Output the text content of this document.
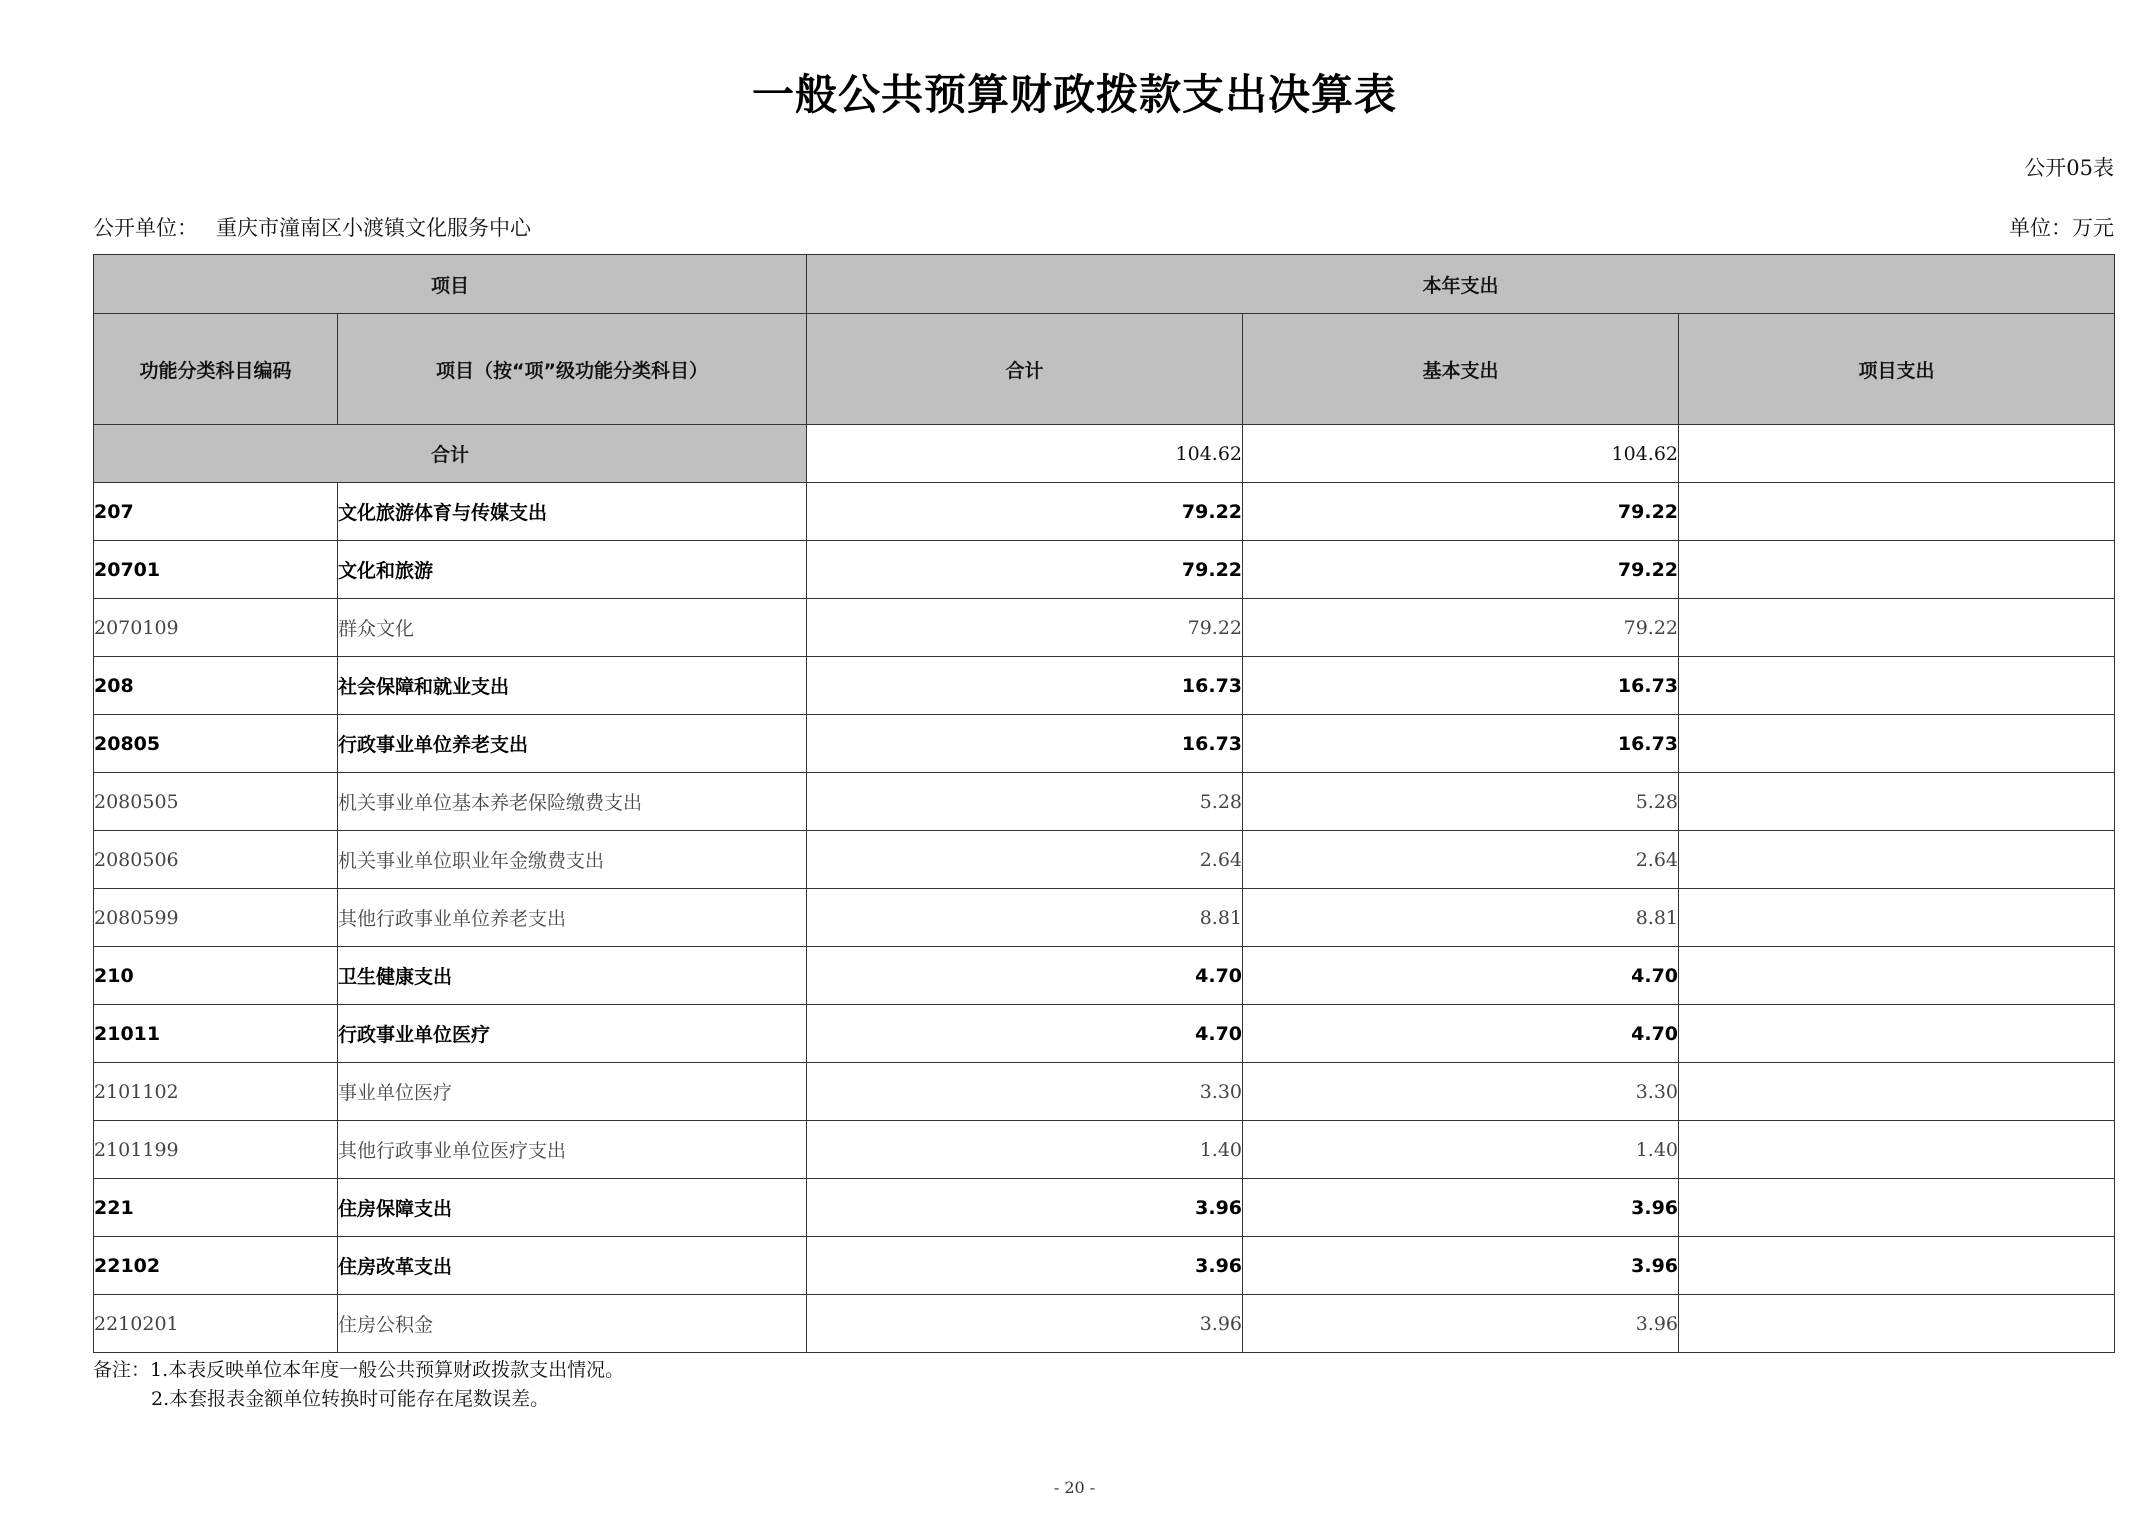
一般公共预算财政拨款支出决算表
公开05表
公开单位： 重庆市潼南区小渡镇文化服务中心	单位：万元
项目		本年支出		
功能分类科目编码	项目（按“项”级功能分类科目）	合计	基本支出	项目支出
合计		104.62	104.62	
207	文化旅游体育与传媒支出	79.22	79.22	
20701	文化和旅游	79.22	79.22	
2070109	群众文化	79.22	79.22	
208	社会保障和就业支出	16.73	16.73	
20805	行政事业单位养老支出	16.73	16.73	
2080505	机关事业单位基本养老保险缴费支出	5.28	5.28	
2080506	机关事业单位职业年金缴费支出	2.64	2.64	
2080599	其他行政事业单位养老支出	8.81	8.81	
210	卫生健康支出	4.70	4.70	
21011	行政事业单位医疗	4.70	4.70	
2101102	事业单位医疗	3.30	3.30	
2101199	其他行政事业单位医疗支出	1.40	1.40	
221	住房保障支出	3.96	3.96	
22102	住房改革支出	3.96	3.96	
2210201	住房公积金	3.96	3.96	
备注：1.本表反映单位本年度一般公共预算财政拨款支出情况。
2.本套报表金额单位转换时可能存在尾数误差。
- 20 -
